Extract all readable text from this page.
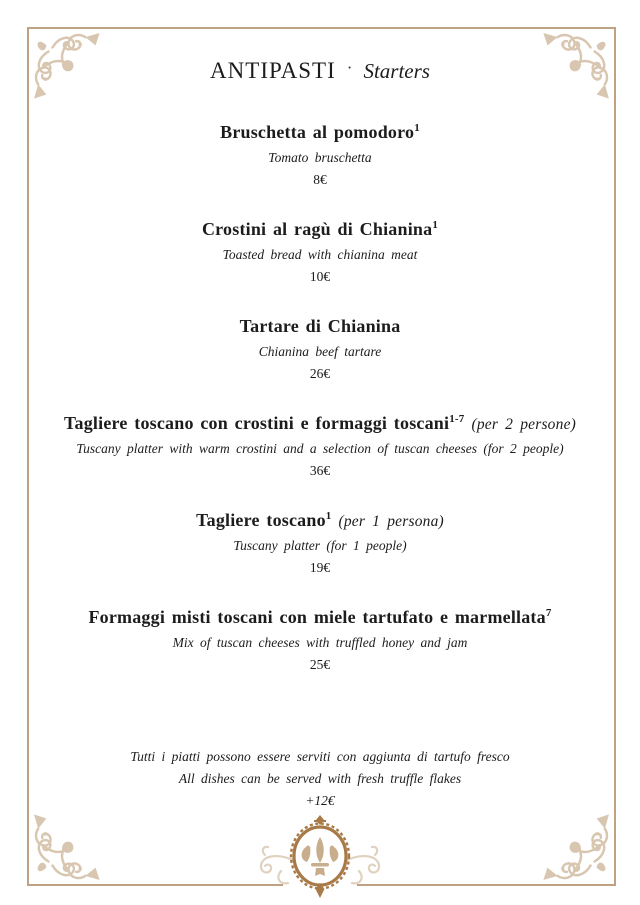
ANTIPASTI · Starters
Bruschetta al pomodoro$^1$
Tomato bruschetta
8€
Crostini al ragù di Chianina$^1$
Toasted bread with chianina meat
10€
Tartare di Chianina
Chianina beef tartare
26€
Tagliere toscano con crostini e formaggi toscani$^{1-7}$ (per 2 persone)
Tuscany platter with warm crostini and a selection of tuscan cheeses (for 2 people)
36€
Tagliere toscano$^1$ (per 1 persona)
Tuscany platter (for 1 people)
19€
Formaggi misti toscani con miele tartufato e marmellata$^7$
Mix of tuscan cheeses with truffled honey and jam
25€
Tutti i piatti possono essere serviti con aggiunta di tartufo fresco
All dishes can be served with fresh truffle flakes
+12€
